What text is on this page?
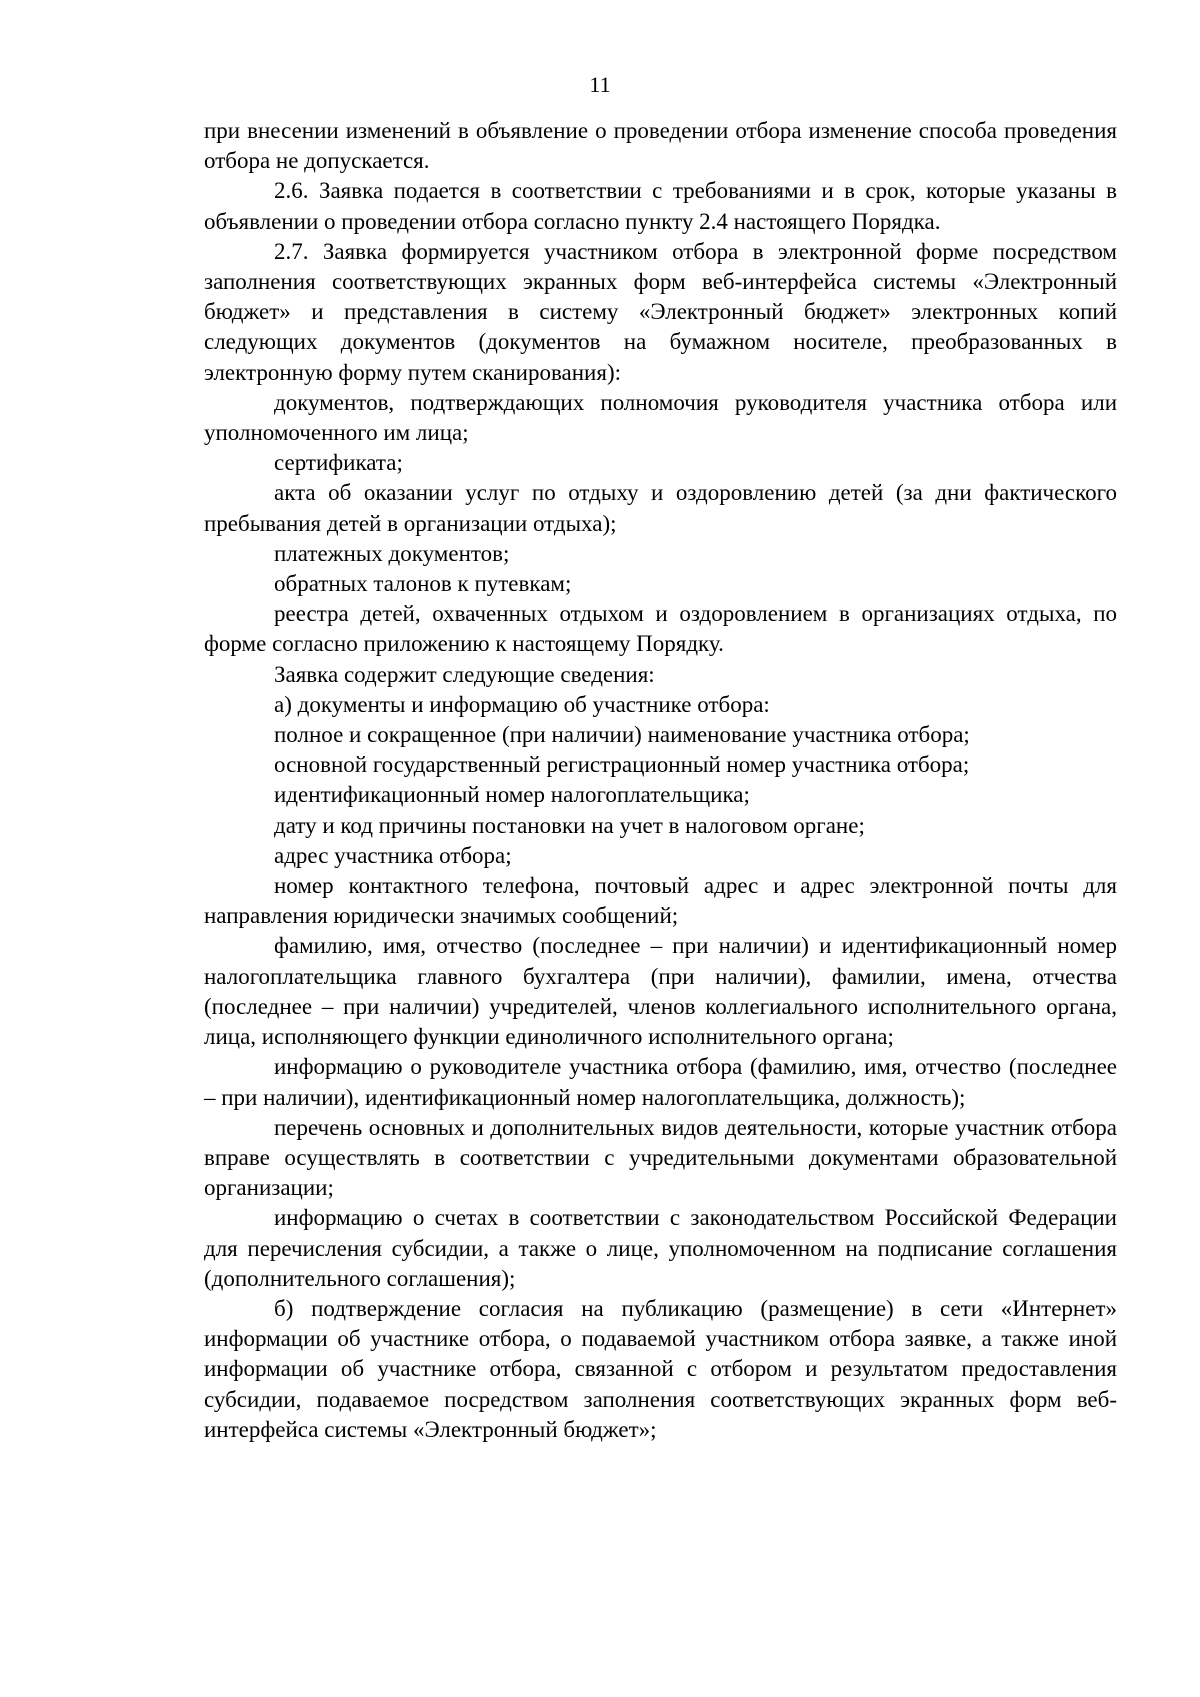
11

при внесении изменений в объявление о проведении отбора изменение способа проведения отбора не допускается.

2.6. Заявка подается в соответствии с требованиями и в срок, которые указаны в объявлении о проведении отбора согласно пункту 2.4 настоящего Порядка.

2.7. Заявка формируется участником отбора в электронной форме посредством заполнения соответствующих экранных форм веб-интерфейса системы «Электронный бюджет» и представления в систему «Электронный бюджет» электронных копий следующих документов (документов на бумажном носителе, преобразованных в электронную форму путем сканирования):

документов, подтверждающих полномочия руководителя участника отбора или уполномоченного им лица;

сертификата;

акта об оказании услуг по отдыху и оздоровлению детей (за дни фактического пребывания детей в организации отдыха);

платежных документов;

обратных талонов к путевкам;

реестра детей, охваченных отдыхом и оздоровлением в организациях отдыха, по форме согласно приложению к настоящему Порядку.

Заявка содержит следующие сведения:

а) документы и информацию об участнике отбора:

полное и сокращенное (при наличии) наименование участника отбора;

основной государственный регистрационный номер участника отбора;

идентификационный номер налогоплательщика;

дату и код причины постановки на учет в налоговом органе;

адрес участника отбора;

номер контактного телефона, почтовый адрес и адрес электронной почты для направления юридически значимых сообщений;

фамилию, имя, отчество (последнее – при наличии) и идентификационный номер налогоплательщика главного бухгалтера (при наличии), фамилии, имена, отчества (последнее – при наличии) учредителей, членов коллегиального исполнительного органа, лица, исполняющего функции единоличного исполнительного органа;

информацию о руководителе участника отбора (фамилию, имя, отчество (последнее – при наличии), идентификационный номер налогоплательщика, должность);

перечень основных и дополнительных видов деятельности, которые участник отбора вправе осуществлять в соответствии с учредительными документами образовательной организации;

информацию о счетах в соответствии с законодательством Российской Федерации для перечисления субсидии, а также о лице, уполномоченном на подписание соглашения (дополнительного соглашения);

б) подтверждение согласия на публикацию (размещение) в сети «Интернет» информации об участнике отбора, о подаваемой участником отбора заявке, а также иной информации об участнике отбора, связанной с отбором и результатом предоставления субсидии, подаваемое посредством заполнения соответствующих экранных форм веб-интерфейса системы «Электронный бюджет»;
